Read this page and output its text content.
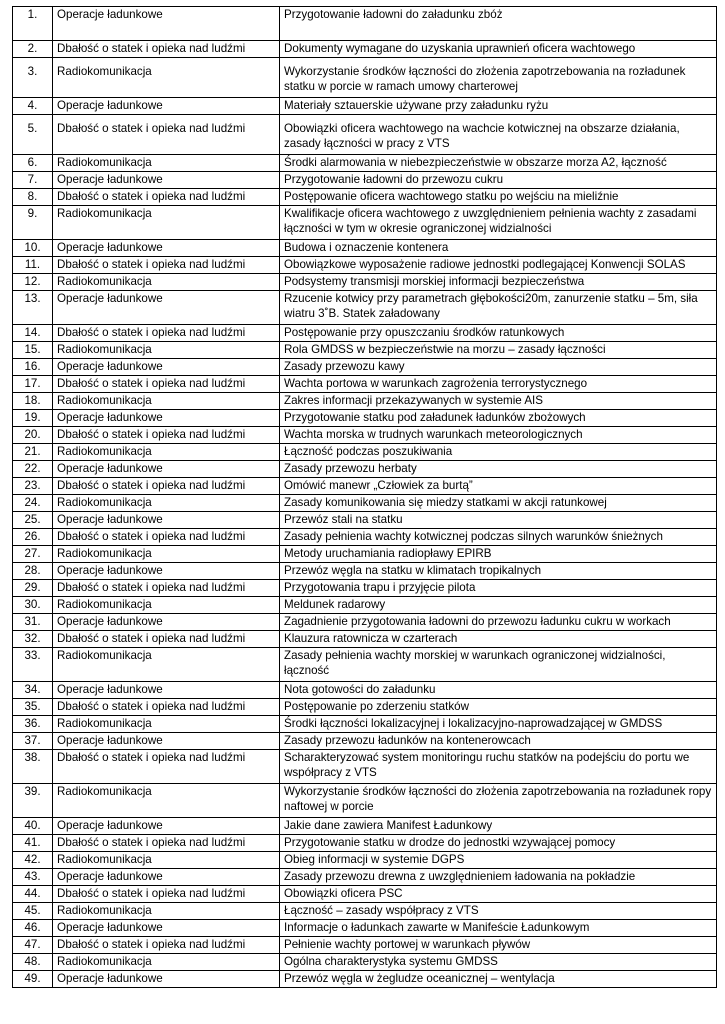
1.	Operacje ładunkowe	Przygotowanie ładowni do załadunku zbóż
2.	Dbałość o statek i opieka nad ludźmi	Dokumenty wymagane do uzyskania uprawnień oficera wachtowego
3.	Radiokomunikacja	Wykorzystanie środków łączności do złożenia zapotrzebowania na rozładunek statku w porcie w ramach umowy charterowej
4.	Operacje ładunkowe	Materiały sztauerskie używane przy załadunku ryżu
5.	Dbałość o statek i opieka nad ludźmi	Obowiązki oficera wachtowego na wachcie kotwicznej na obszarze działania, zasady łączności w pracy z VTS
6.	Radiokomunikacja	Środki alarmowania w niebezpieczeństwie w obszarze morza A2, łączność
7.	Operacje ładunkowe	Przygotowanie ładowni do przewozu cukru
8.	Dbałość o statek i opieka nad ludźmi	Postępowanie oficera wachtowego statku po wejściu na mieliźnie
9.	Radiokomunikacja	Kwalifikacje oficera wachtowego z uwzględnieniem pełnienia wachty z zasadami łączności w tym w okresie ograniczonej widzialności
10.	Operacje ładunkowe	Budowa i oznaczenie kontenera
11.	Dbałość o statek i opieka nad ludźmi	Obowiązkowe wyposażenie radiowe jednostki podlegającej Konwencji SOLAS
12.	Radiokomunikacja	Podsystemy transmisji morskiej informacji bezpieczeństwa
13.	Operacje ładunkowe	Rzucenie kotwicy przy parametrach głębokości20m, zanurzenie statku – 5m, siła wiatru 3˚B. Statek załadowany
14.	Dbałość o statek i opieka nad ludźmi	Postępowanie przy opuszczaniu środków ratunkowych
15.	Radiokomunikacja	Rola GMDSS w bezpieczeństwie na morzu – zasady łączności
16.	Operacje ładunkowe	Zasady przewozu kawy
17.	Dbałość o statek i opieka nad ludźmi	Wachta portowa w warunkach zagrożenia terrorystycznego
18.	Radiokomunikacja	Zakres informacji przekazywanych w systemie AIS
19.	Operacje ładunkowe	Przygotowanie statku pod załadunek ładunków zbożowych
20.	Dbałość o statek i opieka nad ludźmi	Wachta morska w trudnych warunkach meteorologicznych
21.	Radiokomunikacja	Łączność podczas poszukiwania
22.	Operacje ładunkowe	Zasady przewozu herbaty
23.	Dbałość o statek i opieka nad ludźmi	Omówić manewr „Człowiek za burtą”
24.	Radiokomunikacja	Zasady komunikowania się miedzy statkami w akcji ratunkowej
25.	Operacje ładunkowe	Przewóz stali na statku
26.	Dbałość o statek i opieka nad ludźmi	Zasady pełnienia wachty kotwicznej podczas silnych warunków śnieżnych
27.	Radiokomunikacja	Metody uruchamiania radiopławy EPIRB
28.	Operacje ładunkowe	Przewóz węgla na statku w klimatach tropikalnych
29.	Dbałość o statek i opieka nad ludźmi	Przygotowania trapu i przyjęcie pilota
30.	Radiokomunikacja	Meldunek radarowy
31.	Operacje ładunkowe	Zagadnienie przygotowania ładowni do przewozu ładunku cukru w workach
32.	Dbałość o statek i opieka nad ludźmi	Klauzura ratownicza w czarterach
33.	Radiokomunikacja	Zasady pełnienia wachty morskiej w warunkach ograniczonej widzialności, łączność
34.	Operacje ładunkowe	Nota gotowości do załadunku
35.	Dbałość o statek i opieka nad ludźmi	Postępowanie po zderzeniu statków
36.	Radiokomunikacja	Środki łączności lokalizacyjnej i lokalizacyjno-naprowadzającej w GMDSS
37.	Operacje ładunkowe	Zasady przewozu ładunków na kontenerowcach
38.	Dbałość o statek i opieka nad ludźmi	Scharakteryzować system monitoringu ruchu statków na podejściu do portu we współpracy z VTS
39.	Radiokomunikacja	Wykorzystanie środków łączności do złożenia zapotrzebowania na rozładunek ropy naftowej w porcie
40.	Operacje ładunkowe	Jakie dane zawiera Manifest Ładunkowy
41.	Dbałość o statek i opieka nad ludźmi	Przygotowanie statku w drodze do jednostki wzywającej pomocy
42.	Radiokomunikacja	Obieg informacji w systemie DGPS
43.	Operacje ładunkowe	Zasady przewozu drewna z uwzględnieniem ładowania na pokładzie
44.	Dbałość o statek i opieka nad ludźmi	Obowiązki oficera PSC
45.	Radiokomunikacja	Łączność – zasady współpracy z VTS
46.	Operacje ładunkowe	Informacje o ładunkach zawarte w Manifeście Ładunkowym
47.	Dbałość o statek i opieka nad ludźmi	Pełnienie wachty portowej w warunkach pływów
48.	Radiokomunikacja	Ogólna charakterystyka systemu GMDSS
49.	Operacje ładunkowe	Przewóz węgla w żegludze oceanicznej – wentylacja
